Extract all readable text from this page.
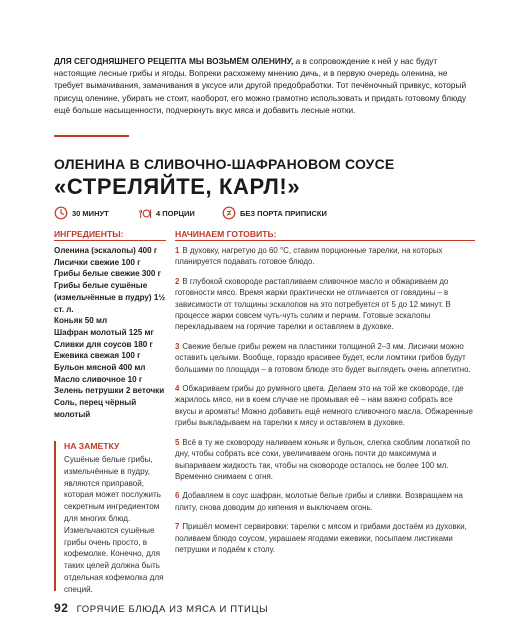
ДЛЯ СЕГОДНЯШНЕГО РЕЦЕПТА МЫ ВОЗЬМЁМ ОЛЕНИНУ, а в сопровождение к ней у нас будут настоящие лесные грибы и ягоды. Вопреки расхожему мнению дичь, и в первую очередь оленина, не требует вымачивания, замачивания в уксусе или другой предобработки. Тот печёночный привкус, который присущ оленине, убирать не стоит, наоборот, его можно грамотно использовать и придать готовому блюду ещё больше насыщенности, подчеркнуть вкус мяса и добавить лесные нотки.
ОЛЕНИНА В СЛИВОЧНО-ШАФРАНОВОМ СОУСЕ
«СТРЕЛЯЙТЕ, КАРЛ!»
30 МИНУТ	4 ПОРЦИИ	БЕЗ ПОРТА ПРИПИСКИ
ИНГРЕДИЕНТЫ:
Оленина (эскалопы) 400 г
Лисички свежие 100 г
Грибы белые свежие 300 г
Грибы белые сушёные (измельчённые в пудру) 1½ ст. л.
Коньяк 50 мл
Шафран молотый 125 мг
Сливки для соусов 180 г
Ежевика свежая 100 г
Бульон мясной 400 мл
Масло сливочное 10 г
Зелень петрушки 2 веточки
Соль, перец чёрный молотый
НА ЗАМЕТКУ
Сушёные белые грибы, измельчённые в пудру, являются приправой, которая может послужить секретным ингредиентом для многих блюд. Измельчаются сушёные грибы очень просто, в кофемолке. Конечно, для таких целей должна быть отдельная кофемолка для специй.
НАЧИНАЕМ ГОТОВИТЬ:
1 В духовку, нагретую до 60 °С, ставим порционные тарелки, на которых планируется подавать готовое блюдо.
2 В глубокой сковороде растапливаем сливочное масло и обжариваем до готовности мясо. Время жарки практически не отличается от говядины – в зависимости от толщины эскалопов на это потребуется от 5 до 12 минут. В процессе жарки совсем чуть-чуть солим и перчим. Готовые эскалопы перекладываем на горячие тарелки и оставляем в духовке.
3 Свежие белые грибы режем на пластинки толщиной 2–3 мм. Лисички можно оставить целыми. Вообще, гораздо красивее будет, если ломтики грибов будут большими по площади – в готовом блюде это будет выглядеть очень аппетитно.
4 Обжариваем грибы до румяного цвета. Делаем это на той же сковороде, где жарилось мясо, ни в коем случае не промывая её – нам важно собрать все вкусы и ароматы! Можно добавить ещё немного сливочного масла. Обжаренные грибы выкладываем на тарелки к мясу и оставляем в духовке.
5 Всё в ту же сковороду наливаем коньяк и бульон, слегка скоблим лопаткой по дну, чтобы собрать все соки, увеличиваем огонь почти до максимума и выпариваем жидкость так, чтобы на сковороде осталось не более 100 мл. Временно снимаем с огня.
6 Добавляем в соус шафран, молотые белые грибы и сливки. Возвращаем на плиту, снова доводим до кипения и выключаем огонь.
7 Пришёл момент сервировки: тарелки с мясом и грибами достаём из духовки, поливаем блюдо соусом, украшаем ягодами ежевики, посыпаем листиками петрушки и подаём к столу.
92 ГОРЯЧИЕ БЛЮДА ИЗ МЯСА И ПТИЦЫ
